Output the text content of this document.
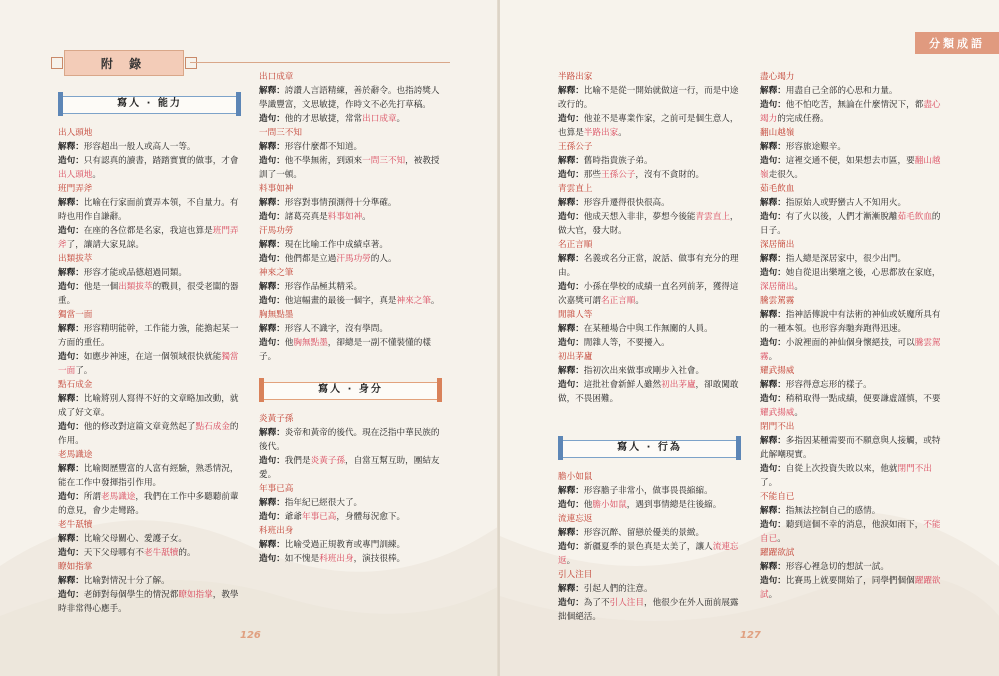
附 錄
寫人 · 能力

出人頭地

解釋：形容超出一般人或高人一等。

造句：只有認真的讀書，踏踏實實的做事，才會出人頭地。

班門弄斧

解釋：比喻在行家面前賣弄本領，不自量力。有時也用作自謙辭。

造句：在座的各位都是名家，我這也算是班門弄斧了，讓請大家見諒。

出類拔萃

解釋：形容才能或品德超過同類。

造句：他是一個出類拔萃的戰員，很受老闆的器重。

獨當一面

解釋：形容精明能幹，工作能力強，能擔起某一方面的重任。

造句：如應步神速，在這一個領域很快就能獨當一面了。

點石成金

解釋：比喻將別人寫得不好的文章略加改動，就成了好文章。

造句：他的修改對這篇文章竟然起了點石成金的作用。

老馬識途

解釋：比喻閱歷豐富的人富有經驗，熟悉情況，能在工作中發揮指引作用。

造句：所謂老馬識途，我們在工作中多聽聽前輩的意見，會少走彎路。

老牛舐犢

解釋：比喻父母關心、愛護子女。

造句：天下父母哪有不老牛舐犢的。

瞭如指掌

解釋：比喻對情況十分了解。

造句：老師對每個學生的情況都瞭如指掌，教學時非常得心應手。

出口成章

解釋：誇讚人言語精練，善於辭令。也指誇獎人學識豐富，文思敏捷，作時文不必先打草稿。

造句：他的才思敏捷，常常出口成章。

一問三不知

解釋：形容什麼都不知道。

造句：他不學無術，到頭來一問三不知，被教授訓了一頓。

料事如神

解釋：形容對事情預測得十分準確。

造句：諸葛亮真是料事如神。

汗馬功勞

解釋：現在比喻工作中成績卓著。

造句：他們都是立過汗馬功勞的人。

神來之筆

解釋：形容作品極其精采。

造句：他這幅畫的最後一個字，真是神來之筆。

胸無點墨

解釋：形容人不識字，沒有學問。

造句：他胸無點墨，卻總是一副不懂裝懂的樣子。

寫人 · 身分

炎黃子孫

解釋：炎帝和黃帝的後代。現在泛指中華民族的後代。

造句：我們是炎黃子孫，自當互幫互助，團結友愛。

年事已高

解釋：指年紀已經很大了。

造句：爺爺年事已高，身體每況愈下。

科班出身

解釋：比喻受過正規教育或專門訓練。

造句：如不愧是科班出身，演技很棒。

126
分類成語

半路出家

解釋：比喻不是從一開始就做這一行，而是中途改行的。

造句：他並不是專業作家，之前可是個生意人，也算是半路出家。

王孫公子

解釋：舊時指貴族子弟。

造句：那些王孫公子，沒有不貪財的。

青雲直上

解釋：形容升遷得很快很高。

造句：他成天想入非非，夢想今後能青雲直上，做大官，發大財。

名正言順

解釋：名義或名分正當，說話、做事有充分的理由。

造句：小孫在學校的成績一直名列前茅，獲得這次嘉獎可謂名正言順。

閒雜人等

解釋：在某種場合中與工作無關的人員。

造句：閒雜人等，不要擾入。

初出茅廬

解釋：指初次出來做事或剛步入社會。

造句：這批社會新鮮人雖然初出茅廬，卻敢闖敢做，不畏困難。

寫人 · 行為

膽小如鼠

解釋：形容膽子非常小，做事畏畏縮縮。

造句：他膽小如鼠，遇到事情總是往後縮。

流連忘返

解釋：形容沉醉、留戀於優美的景緻。

造句：新疆夏季的景色真是太美了，讓人流連忘返。

引人注目

解釋：引起人們的注意。

造句：為了不引人注目，他很少在外人面前展露拙個絕活。

盡心竭力

解釋：用盡自己全部的心思和力量。

造句：他不怕吃苦，無論在什麼情況下，都盡心竭力的完成任務。

翻山越嶺

解釋：形容旅途艱辛。

造句：這裡交通不便，如果想去市區，要翻山越嶺走很久。

茹毛飲血

解釋：指原始人或野蠻古人不知用火。

造句：有了火以後，人們才漸漸脫離茹毛飲血的日子。

深居簡出

解釋：指人總是深居家中，很少出門。

造句：她自從退出樂壇之後，心思都放在家庭，深居簡出。

騰雲駕霧

解釋：指神話傳說中有法術的神仙或妖魔所具有的一種本領。也形容奔馳奔跑得迅速。

造句：小說裡面的神仙個身懷絕技，可以騰雲駕霧。

耀武揚威

解釋：形容得意忘形的樣子。

造句：稍稍取得一點成績，便要謙虛謹慎，不要耀武揚威。

閉門不出

解釋：多指因某種需要而不願意與人接觸，或特此解嘲現實。

造句：自從上次投資失敗以來，他就閉門不出了。

不能自已

解釋：指無法控制自己的感情。

造句：聽到這個不幸的消息，他淚如雨下，不能自已。

躍躍欲試

解釋：形容心裡急切的想試一試。

造句：比賽馬上就要開始了，同學們個個躍躍欲試。

127
